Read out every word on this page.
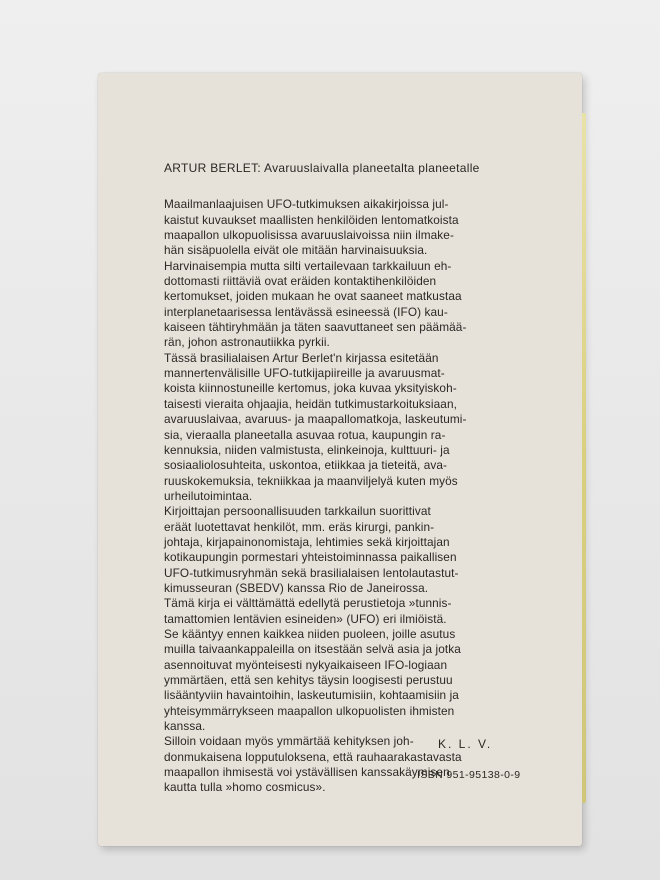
ARTUR BERLET: Avaruuslaivalla planeetalta planeetalle

Maailmanlaajuisen UFO-tutkimuksen aikakirjoissa jul-
kaistut kuvaukset maallisten henkilöiden lentomatkoista
maapallon ulkopuolisissa avaruuslaivoissa niin ilmake-
hän sisäpuolella eivät ole mitään harvinaisuuksia.
Harvinaisempia mutta silti vertailevaan tarkkailuun eh-
dottomasti riittäviä ovat eräiden kontaktihenkilöiden
kertomukset, joiden mukaan he ovat saaneet matkustaa
interplanetaarisessa lentävässä esineessä (IFO) kau-
kaiseen tähtiryhmään ja täten saavuttaneet sen päämää-
rän, johon astronautiikka pyrkii.
Tässä brasilialaisen Artur Berlet'n kirjassa esitetään
mannertenvälisille UFO-tutkijapiireille ja avaruusmat-
koista kiinnostuneille kertomus, joka kuvaa yksityiskoh-
taisesti vieraita ohjaajia, heidän tutkimustarkoituksiaan,
avaruuslaivaa, avaruus- ja maapallomatkoja, laskeutumi-
sia, vieraalla planeetalla asuvaa rotua, kaupungin ra-
kennuksia, niiden valmistusta, elinkeinoja, kulttuuri- ja
sosiaaliolosuhteita, uskontoa, etiikkaa ja tieteitä, ava-
ruuskokemuksia, tekniikkaa ja maanviljelyä kuten myös
urheilutoimintaa.
Kirjoittajan persoonallisuuden tarkkailun suorittivat
eräät luotettavat henkilöt, mm. eräs kirurgi, pankin-
johtaja, kirjapainonomistaja, lehtimies sekä kirjoittajan
kotikaupungin pormestari yhteistoiminnassa paikallisen
UFO-tutkimusryhmän sekä brasilialaisen lentolautastut-
kimusseuran (SBEDV) kanssa Rio de Janeirossa.
Tämä kirja ei välttämättä edellytä perustietoja »tunnis-
tamattomien lentävien esineiden» (UFO) eri ilmiöistä.
Se kääntyy ennen kaikkea niiden puoleen, joille asutus
muilla taivaankappaleilla on itsestään selvä asia ja jotka
asennoituvat myönteisesti nykyaikaiseen IFO-logiaan
ymmärtäen, että sen kehitys täysin loogisesti perustuu
lisääntyviin havaintoihin, laskeutumisiin, kohtaamisiin ja
yhteisymmärrykseen maapallon ulkopuolisten ihmisten
kanssa.
Silloin voidaan myös ymmärtää kehityksen joh-
donmukaisena lopputuloksena, että rauhaarakastavasta
maapallon ihmisestä voi ystävällisen kanssakäymisen
kautta tulla »homo cosmicus».
K. L. V.
ISBN 951-95138-0-9
